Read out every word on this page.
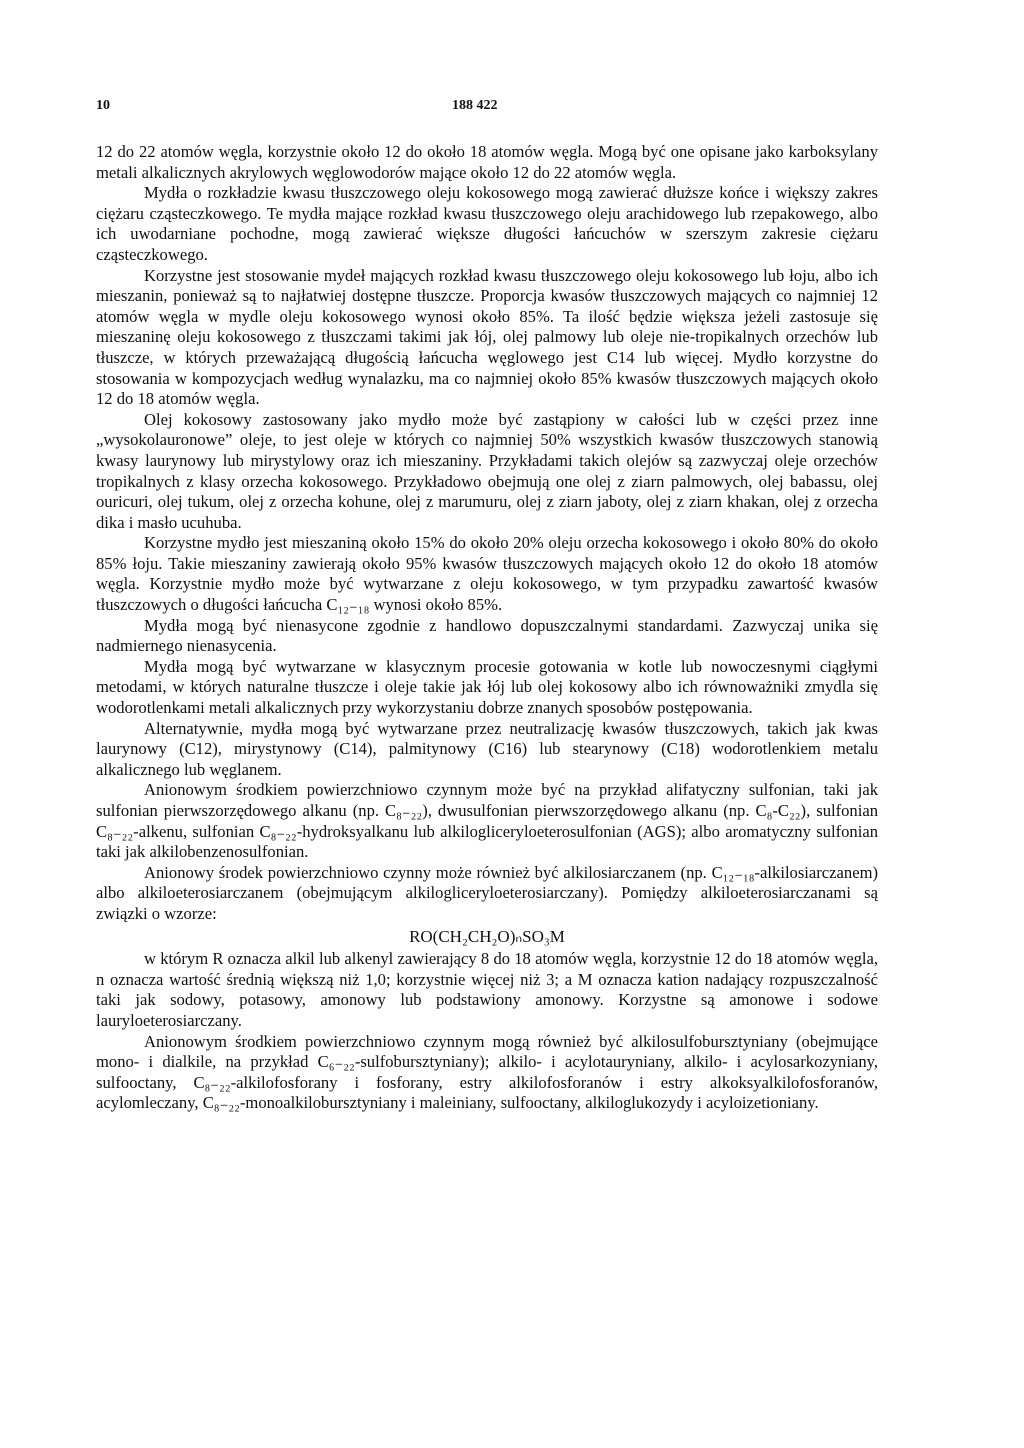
10	188 422

12 do 22 atomów węgla, korzystnie około 12 do około 18 atomów węgla. Mogą być one opisane jako karboksylany metali alkalicznych akrylowych węglowodorów mające około 12 do 22 atomów węgla.

Mydła o rozkładzie kwasu tłuszczowego oleju kokosowego mogą zawierać dłuższe końce i większy zakres ciężaru cząsteczkowego. Te mydła mające rozkład kwasu tłuszczowego oleju arachidowego lub rzepakowego, albo ich uwodarniane pochodne, mogą zawierać większe długości łańcuchów w szerszym zakresie ciężaru cząsteczkowego.

Korzystne jest stosowanie mydeł mających rozkład kwasu tłuszczowego oleju kokosowego lub łoju, albo ich mieszanin, ponieważ są to najłatwiej dostępne tłuszcze. Proporcja kwasów tłuszczowych mających co najmniej 12 atomów węgla w mydle oleju kokosowego wynosi około 85%. Ta ilość będzie większa jeżeli zastosuje się mieszaninę oleju kokosowego z tłuszczami takimi jak łój, olej palmowy lub oleje nie-tropikalnych orzechów lub tłuszcze, w których przeważającą długością łańcucha węglowego jest C14 lub więcej. Mydło korzystne do stosowania w kompozycjach według wynalazku, ma co najmniej około 85% kwasów tłuszczowych mających około 12 do 18 atomów węgla.

Olej kokosowy zastosowany jako mydło może być zastąpiony w całości lub w części przez inne „wysokolauronowe” oleje, to jest oleje w których co najmniej 50% wszystkich kwasów tłuszczowych stanowią kwasy laurynowy lub mirystylowy oraz ich mieszaniny. Przykładami takich olejów są zazwyczaj oleje orzechów tropikalnych z klasy orzecha kokosowego. Przykładowo obejmują one olej z ziarn palmowych, olej babassu, olej ouricuri, olej tukum, olej z orzecha kohune, olej z marumuru, olej z ziarn jaboty, olej z ziarn khakan, olej z orzecha dika i masło ucuhuba.

Korzystne mydło jest mieszaniną około 15% do około 20% oleju orzecha kokosowego i około 80% do około 85% łoju. Takie mieszaniny zawierają około 95% kwasów tłuszczowych mających około 12 do około 18 atomów węgla. Korzystnie mydło może być wytwarzane z oleju kokosowego, w tym przypadku zawartość kwasów tłuszczowych o długości łańcucha C₁₂₋₁₈ wynosi około 85%.

Mydła mogą być nienasycone zgodnie z handlowo dopuszczalnymi standardami. Zazwyczaj unika się nadmiernego nienasycenia.

Mydła mogą być wytwarzane w klasycznym procesie gotowania w kotle lub nowoczesnymi ciągłymi metodami, w których naturalne tłuszcze i oleje takie jak łój lub olej kokosowy albo ich równoważniki zmydla się wodorotlenkami metali alkalicznych przy wykorzystaniu dobrze znanych sposobów postępowania.

Alternatywnie, mydła mogą być wytwarzane przez neutralizację kwasów tłuszczowych, takich jak kwas laurynowy (C12), mirystynowy (C14), palmitynowy (C16) lub stearynowy (C18) wodorotlenkiem metalu alkalicznego lub węglanem.

Anionowym środkiem powierzchniowo czynnym może być na przykład alifatyczny sulfonian, taki jak sulfonian pierwszorzędowego alkanu (np. C₈₋₂₂), dwusulfonian pierwszorzędowego alkanu (np. C₈-C₂₂), sulfonian C₈₋₂₂-alkenu, sulfonian C₈₋₂₂-hydroksyalkanu lub alkilogliceryloeterosulfonian (AGS); albo aromatyczny sulfonian taki jak alkilobenzenosulfonian.

Anionowy środek powierzchniowo czynny może również być alkilosiarczanem (np. C₁₂₋₁₈-alkilosiarczanem) albo alkiloeterosiarczanem (obejmującym alkilogliceryloeterosiarczany). Pomiędzy alkiloeterosiarczanami są związki o wzorze:

RO(CH₂CH₂O)ₙSO₃M

w którym R oznacza alkil lub alkenyl zawierający 8 do 18 atomów węgla, korzystnie 12 do 18 atomów węgla, n oznacza wartość średnią większą niż 1,0; korzystnie więcej niż 3; a M oznacza kation nadający rozpuszczalność taki jak sodowy, potasowy, amonowy lub podstawiony amonowy. Korzystne są amonowe i sodowe lauryloeterosiarczany.

Anionowym środkiem powierzchniowo czynnym mogą również być alkilosulfobursztyniany (obejmujące mono- i dialkile, na przykład C₆₋₂₂-sulfobursztyniany); alkilo- i acylotauryniany, alkilo- i acylosarkozyniany, sulfooctany, C₈₋₂₂-alkilofosforany i fosforany, estry alkilofosforanów i estry alkoksyalkilofosforanów, acylomleczany, C₈₋₂₂-monoalkilobursztyniany i maleiniany, sulfooctany, alkiloglukozydy i acyloizetioniany.
